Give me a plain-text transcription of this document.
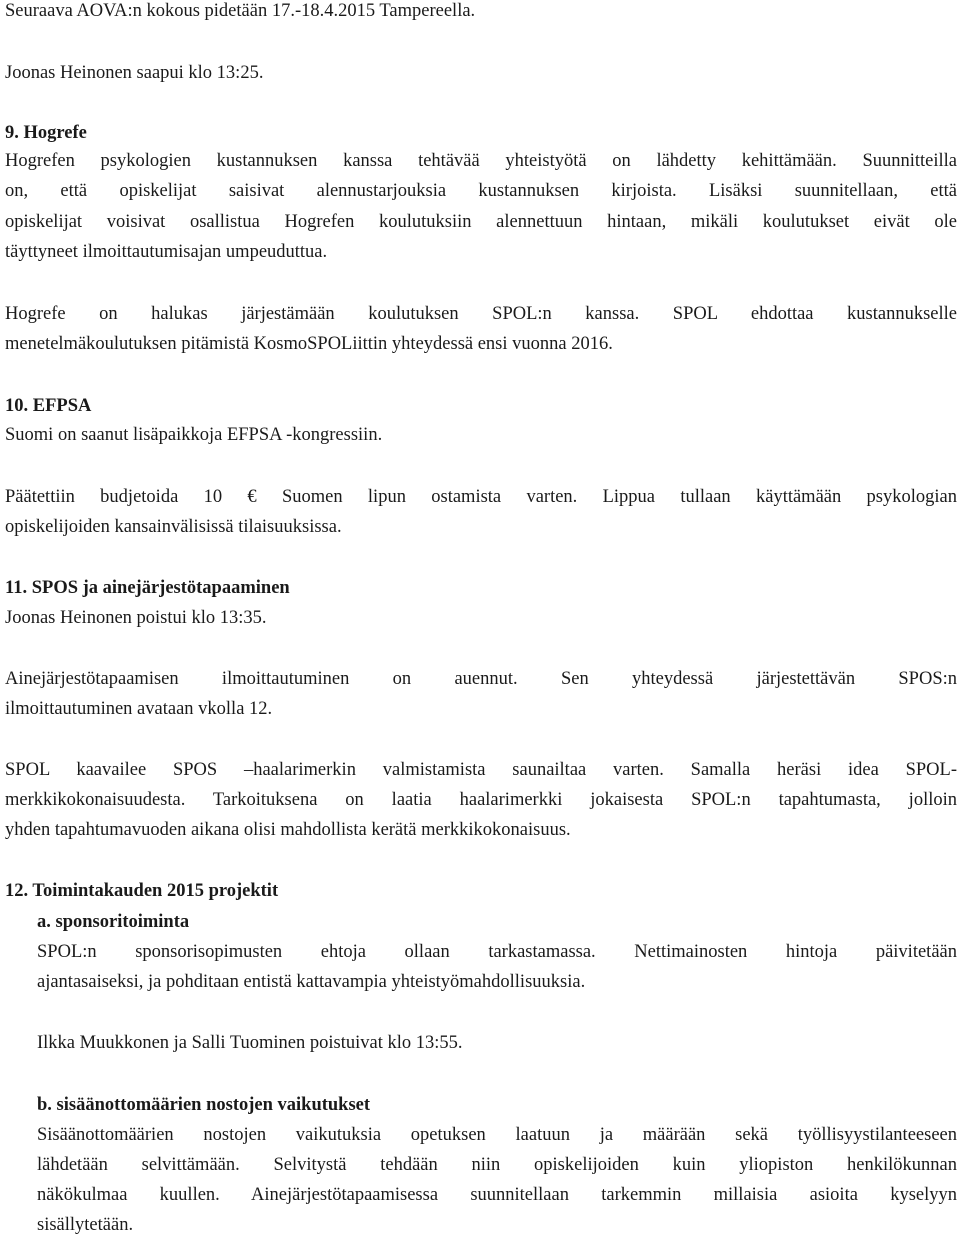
Seuraava AOVA:n kokous pidetään 17.-18.4.2015 Tampereella.
Joonas Heinonen saapui klo 13:25.
9. Hogrefe
Hogrefen psykologien kustannuksen kanssa tehtävää yhteistyötä on lähdetty kehittämään. Suunnitteilla
on, että opiskelijat saisivat alennustarjouksia kustannuksen kirjoista. Lisäksi suunnitellaan, että
opiskelijat voisivat osallistua Hogrefen koulutuksiin alennettuun hintaan, mikäli koulutukset eivät ole
täyttyneet ilmoittautumisajan umpeuduttua.
Hogrefe on halukas järjestämään koulutuksen SPOL:n kanssa. SPOL ehdottaa kustannukselle
menetelmäkoulutuksen pitämistä KosmoSPOLiittin yhteydessä ensi vuonna 2016.
10. EFPSA
Suomi on saanut lisäpaikkoja EFPSA -kongressiin.
Päätettiin budjetoida 10 € Suomen lipun ostamista varten. Lippua tullaan käyttämään psykologian
opiskelijoiden kansainvälisissä tilaisuuksissa.
11. SPOS ja ainejärjestötapaaminen
Joonas Heinonen poistui klo 13:35.
Ainejärjestötapaamisen ilmoittautuminen on auennut. Sen yhteydessä järjestettävän SPOS:n
ilmoittautuminen avataan vkolla 12.
SPOL kaavailee SPOS –haalarimerkin valmistamista saunailtaa varten. Samalla heräsi idea SPOL-
merkkikokonaisuudesta. Tarkoituksena on laatia haalarimerkki jokaisesta SPOL:n tapahtumasta, jolloin
yhden tapahtumavuoden aikana olisi mahdollista kerätä merkkikokonaisuus.
12. Toimintakauden 2015 projektit
a. sponsoritoiminta
SPOL:n sponsorisopimusten ehtoja ollaan tarkastamassa. Nettimainosten hintoja päivitetään
ajantasaiseksi, ja pohditaan entistä kattavampia yhteistyömahdollisuuksia.
Ilkka Muukkonen ja Salli Tuominen poistuivat klo 13:55.
b. sisäänottomäärien nostojen vaikutukset
Sisäänottomäärien nostojen vaikutuksia opetuksen laatuun ja määrään sekä työllisyystilanteeseen
lähdetään selvittämään. Selvitystä tehdään niin opiskelijoiden kuin yliopiston henkilökunnan
näkökulmaa kuullen. Ainejärjestötapaamisessa suunnitellaan tarkemmin millaisia asioita kyselyyn
sisällytetään.
